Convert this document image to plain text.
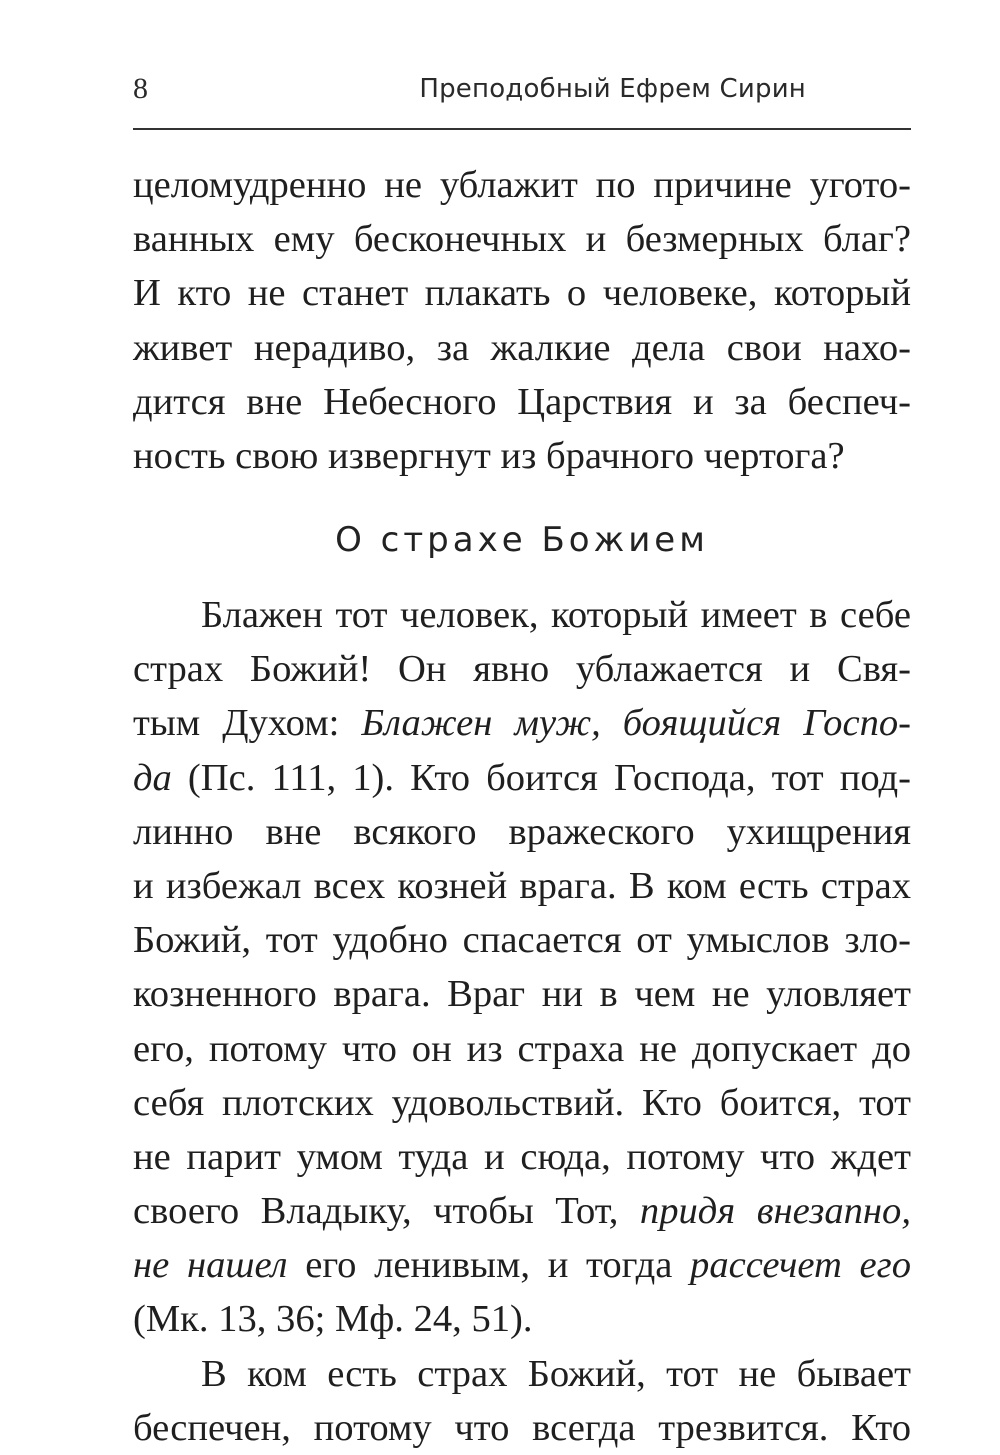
8	Преподобный Ефрем Сирин
целомудренно не ублажит по причине угото-
ванных ему бесконечных и безмерных благ?
И кто не станет плакать о человеке, который
живет нерадиво, за жалкие дела свои нахо-
дится вне Небесного Царствия и за беспеч-
ность свою извергнут из брачного чертога?
О страхе Божием
Блажен тот человек, который имеет в себе
страх Божий! Он явно ублажается и Свя-
тым Духом: Блажен муж, боящийся Госпо-
да (Пс. 111, 1). Кто боится Господа, тот под-
линно вне всякого вражеского ухищрения
и избежал всех козней врага. В ком есть страх
Божий, тот удобно спасается от умыслов зло-
козненного врага. Враг ни в чем не уловляет
его, потому что он из страха не допускает до
себя плотских удовольствий. Кто боится, тот
не парит умом туда и сюда, потому что ждет
своего Владыку, чтобы Тот, придя внезапно,
не нашел его ленивым, и тогда рассечет его
(Мк. 13, 36; Мф. 24, 51).
В ком есть страх Божий, тот не бывает
беспечен, потому что всегда трезвится. Кто
